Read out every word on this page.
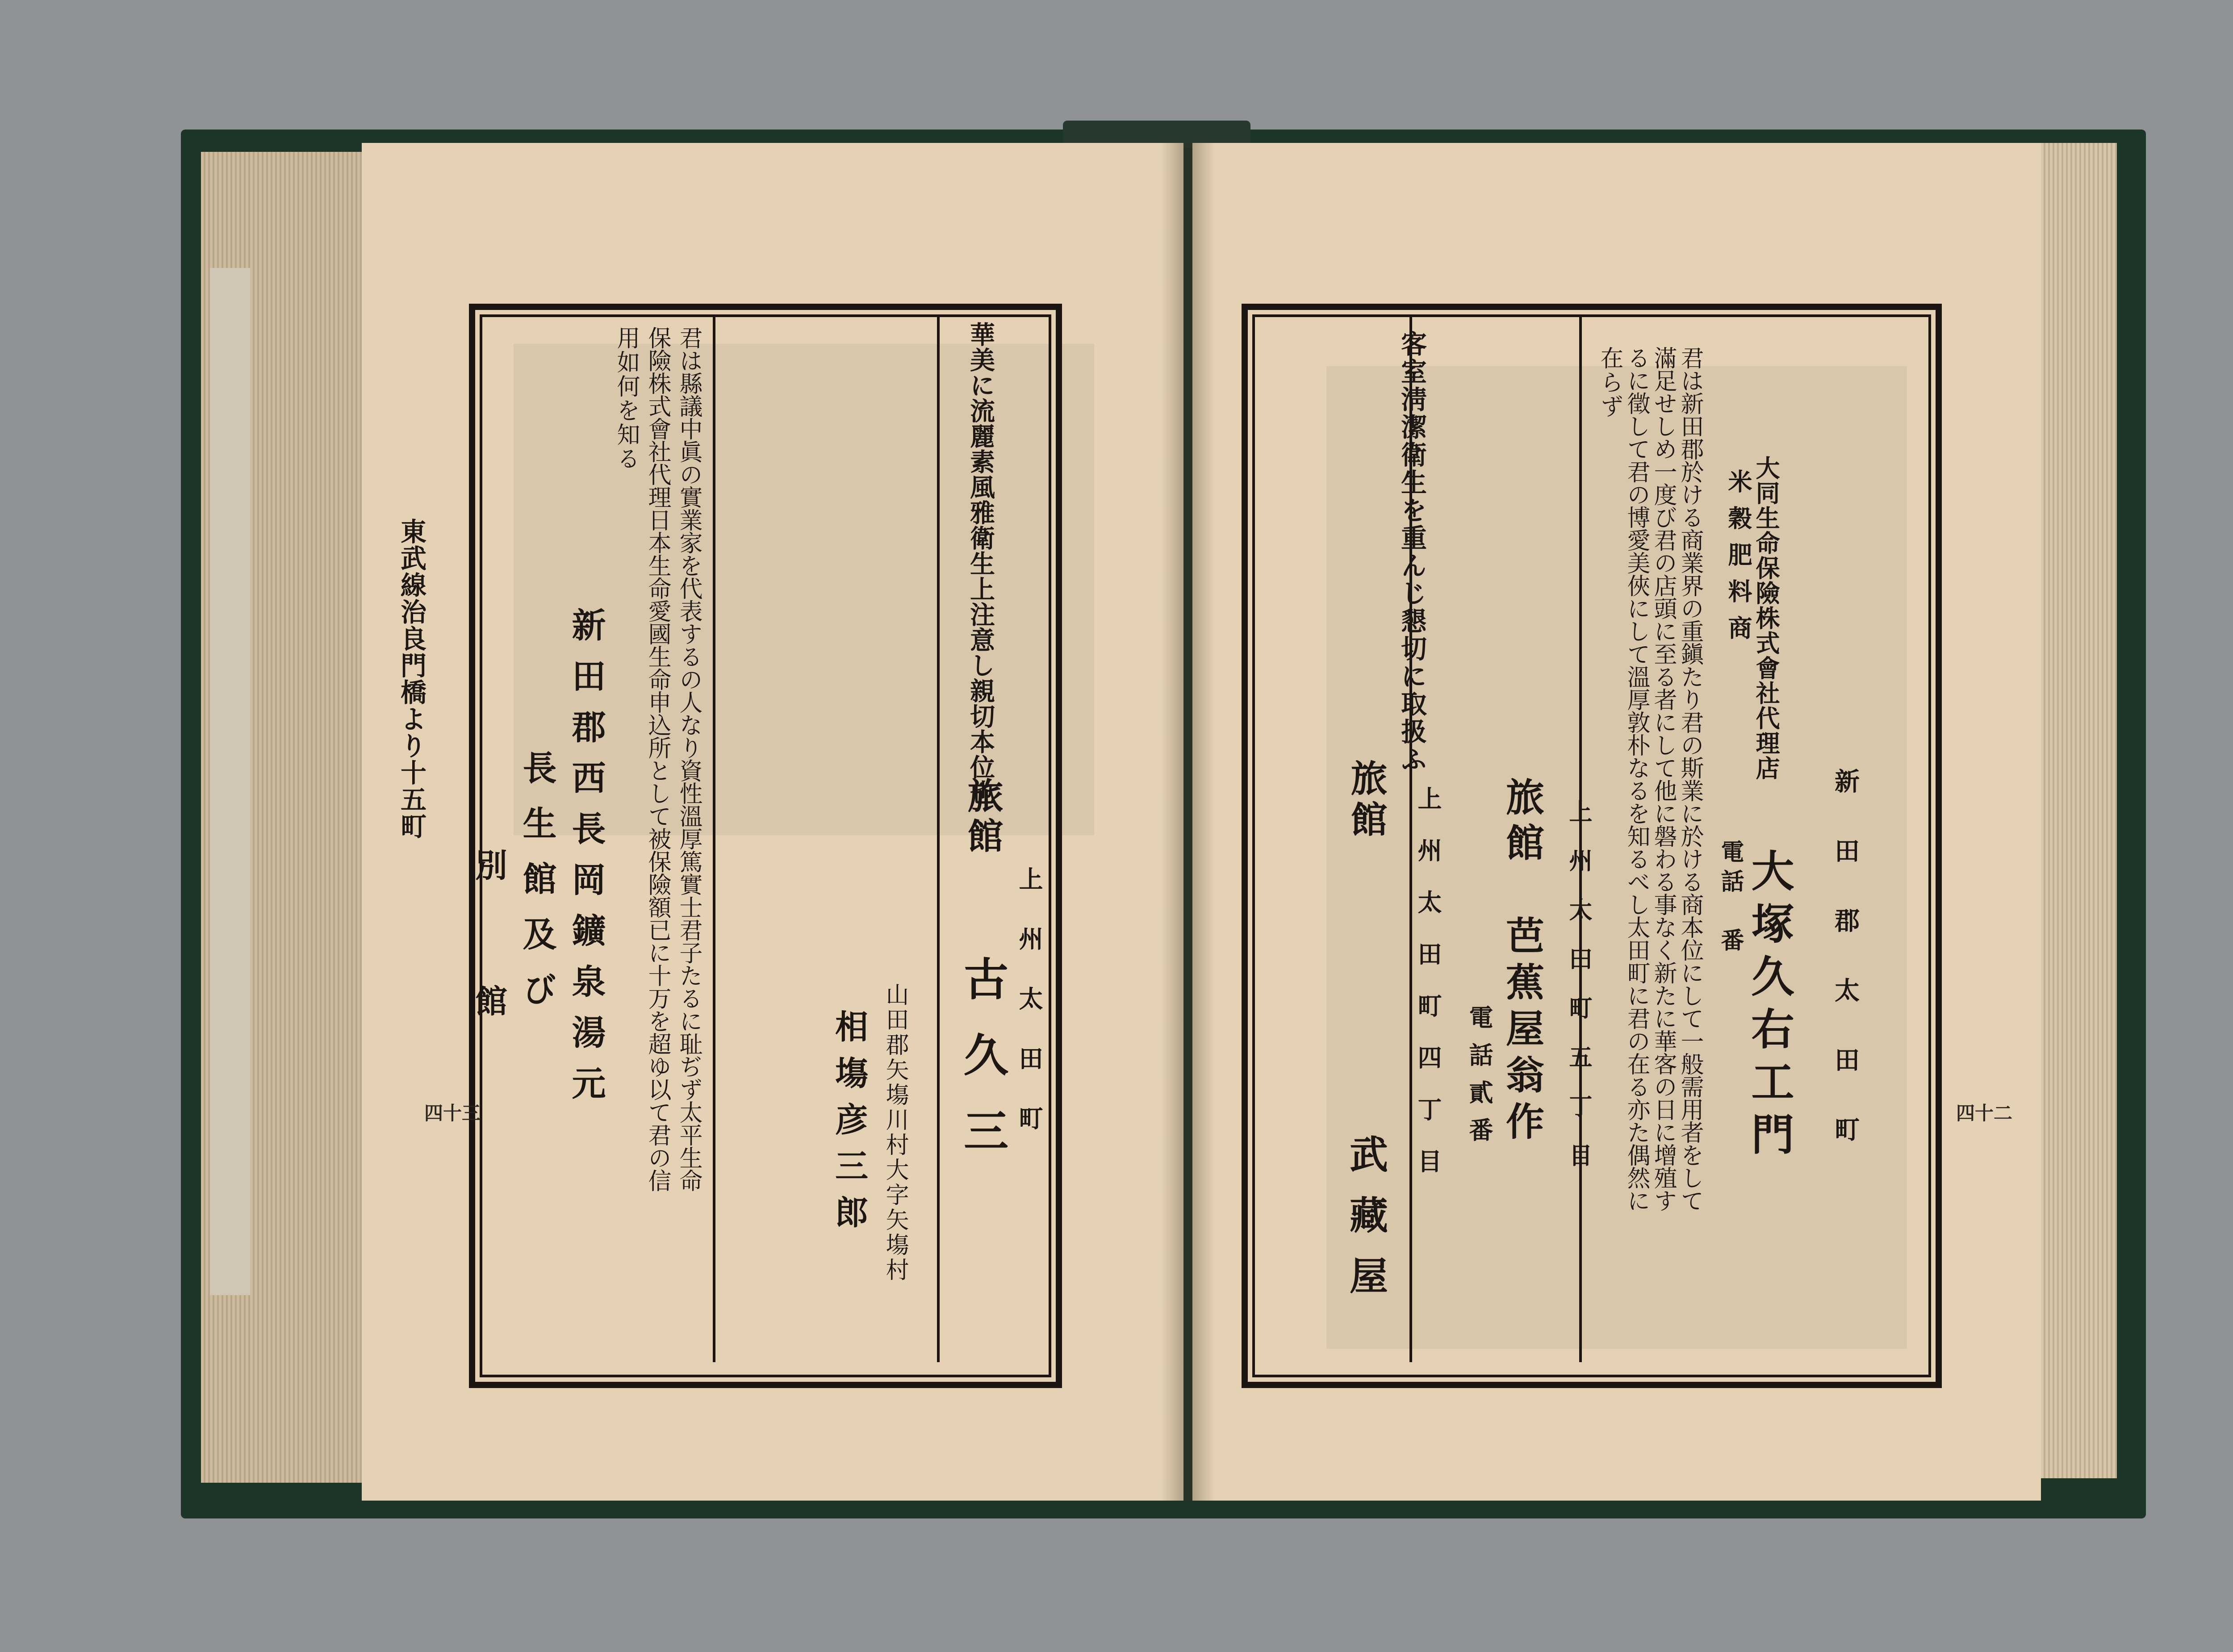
華美に流麗素風雅衛生上注意し親切本位也
上州太田町
古久三
旅館
山田郡矢塲川村大字矢塲村
相塲彦三郎
君は縣議中眞の實業家を代表するの人なり資性溫厚篤實士君子たるに耻ぢず太平生命
保險株式會社代理日本生命愛國生命申込所として被保險額已に十万を超ゆ以て君の信
用如何を知る
新田郡西長岡鑛泉湯元
長生館及び
別　館
東武線治良門橋より十五町
四十三	新田郡太田町
大同生命保險株式會社代理店
米穀肥料商
大塚久右工門
電話　番
君は新田郡於ける商業界の重鎭たり君の斯業に於ける商本位にして一般需用者をして
滿足せしめ一度び君の店頭に至る者にして他に磐わる事なく新たに華客の日に增殖す
るに徵して君の博愛美俠にして溫厚敦朴なるを知るべし太田町に君の在る亦た偶然に
在らず
上州太田町五丁目
旅館
芭蕉屋翁作
電話貳番
客室淸潔衛生を重んじ懇切に取扱ふ
旅館 上州太田町四丁目
武藏屋
四十二
